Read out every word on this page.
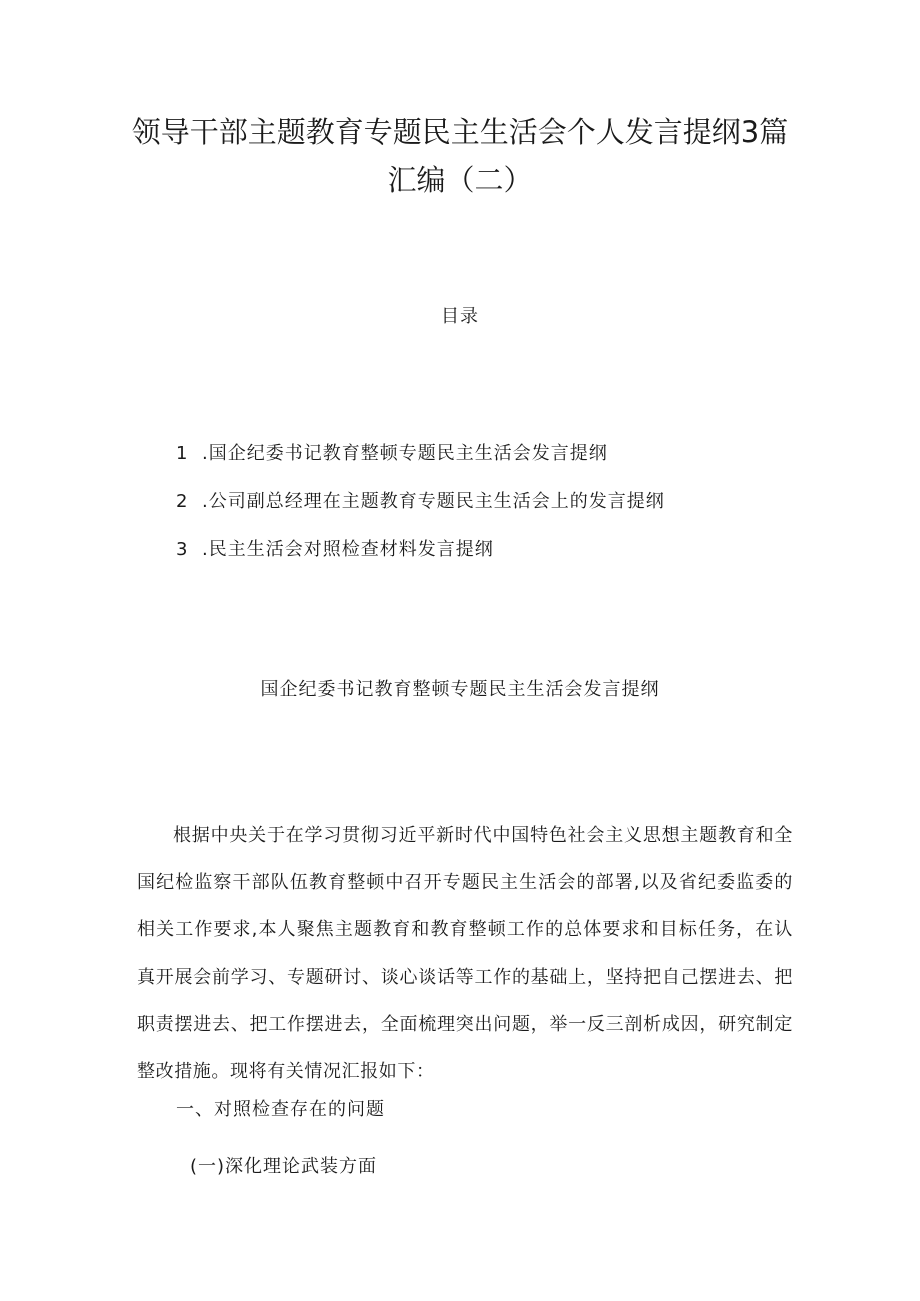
领导干部主题教育专题民主生活会个人发言提纲3篇
汇编（二）
目录
1 .国企纪委书记教育整顿专题民主生活会发言提纲
2 .公司副总经理在主题教育专题民主生活会上的发言提纲
3 .民主生活会对照检查材料发言提纲
国企纪委书记教育整顿专题民主生活会发言提纲
根据中央关于在学习贯彻习近平新时代中国特色社会主义思想主题教育和全国纪检监察干部队伍教育整顿中召开专题民主生活会的部署,以及省纪委监委的相关工作要求,本人聚焦主题教育和教育整顿工作的总体要求和目标任务，在认真开展会前学习、专题研讨、谈心谈话等工作的基础上，坚持把自己摆进去、把职责摆进去、把工作摆进去，全面梳理突出问题，举一反三剖析成因，研究制定整改措施。现将有关情况汇报如下：
一、对照检查存在的问题
(一)深化理论武装方面
